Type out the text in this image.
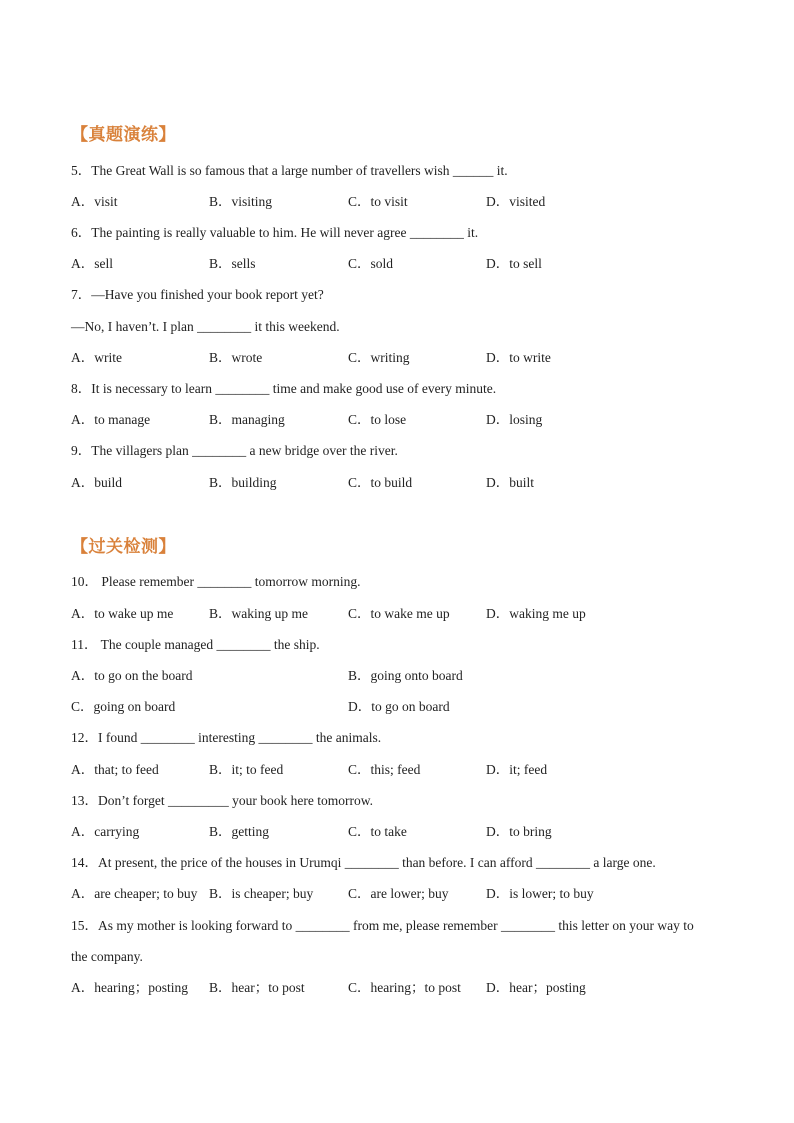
【真题演练】
5．The Great Wall is so famous that a large number of travellers wish ______ it.
A．visit	B．visiting	C．to visit	D．visited
6．The painting is really valuable to him. He will never agree ________ it.
A．sell	B．sells	C．sold	D．to sell
7．—Have you finished your book report yet?
—No, I haven’t. I plan ________ it this weekend.
A．write	B．wrote	C．writing	D．to write
8．It is necessary to learn ________ time and make good use of every minute.
A．to manage	B．managing	C．to lose	D．losing
9．The villagers plan ________ a new bridge over the river.
A．build	B．building	C．to build	D．built
【过关检测】
10． Please remember ________ tomorrow morning.
A．to wake up me	B．waking up me	C．to wake me up	D．waking me up
11． The couple managed ________ the ship.
A．to go on the board	B．going onto board
C．going on board	D．to go on board
12．I found ________ interesting ________ the animals.
A．that; to feed	B．it; to feed	C．this; feed	D．it; feed
13．Don’t forget _________ your book here tomorrow.
A．carrying	B．getting	C．to take	D．to bring
14．At present, the price of the houses in Urumqi ________ than before. I can afford ________ a large one.
A．are cheaper; to buy B．is cheaper; buy	C．are lower; buy	D．is lower; to buy
15．As my mother is looking forward to ________ from me, please remember ________ this letter on your way to
the company.
A．hearing；posting B．hear；to post	C．hearing；to post D．hear；posting
